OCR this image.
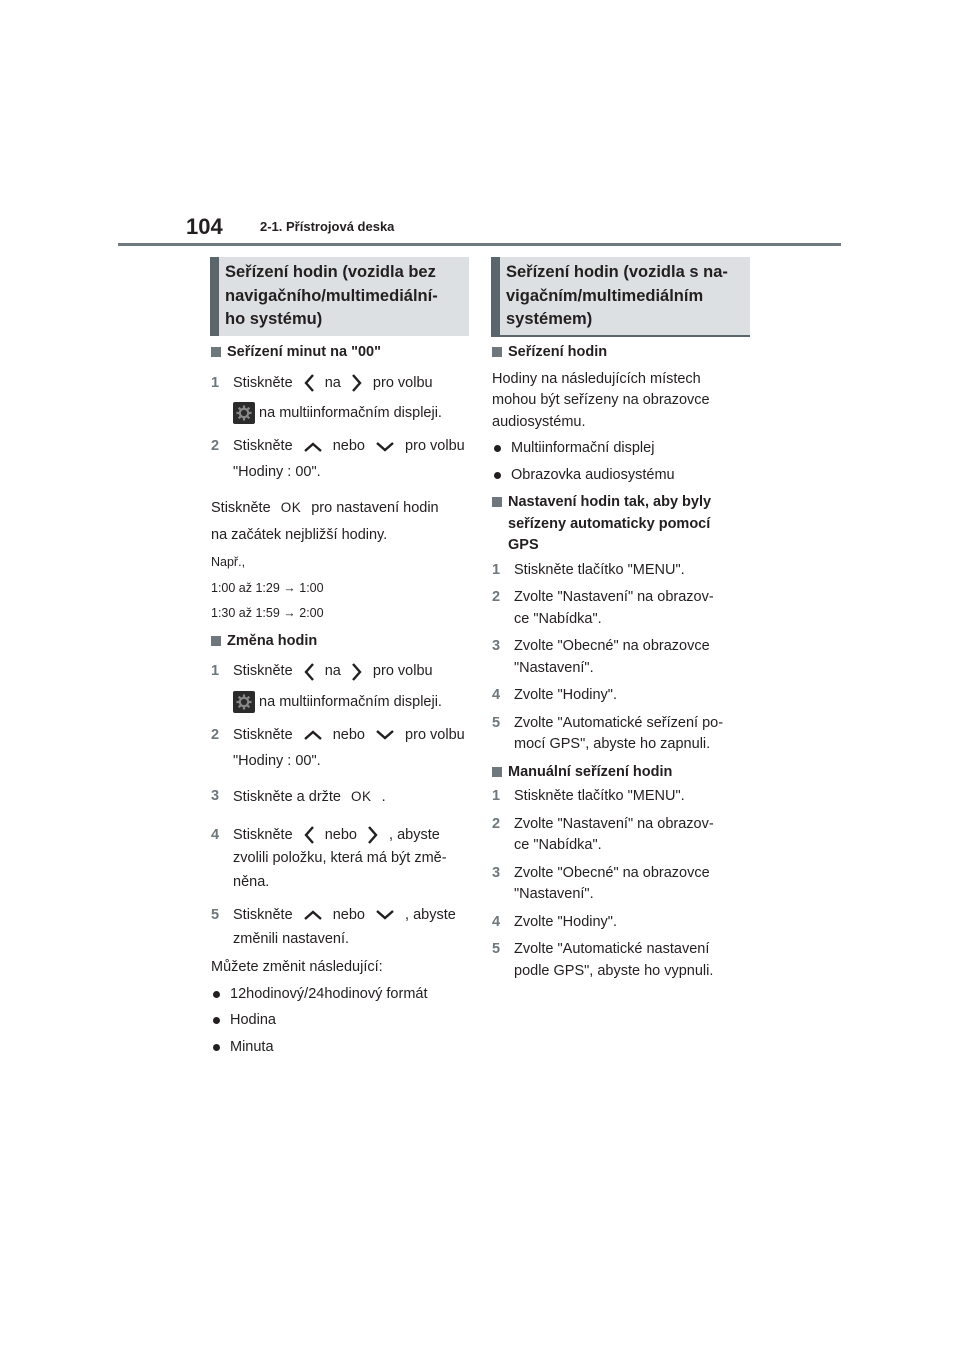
104	2-1. Přístrojová deska
Seřízení hodin (vozidla bez
navigačního/multimediální-
ho systému)
Seřízení minut na "00"
1 Stiskněte na pro volbu
na multiinformačním displeji.
2 Stiskněte	nebo	pro volbu
"Hodiny : 00".
Stiskněte OK pro nastavení hodin
na začátek nejbližší hodiny.
Např.,
1:00 až 1:29 → 1:00
1:30 až 1:59 → 2:00
Změna hodin
1 Stiskněte na pro volbu
na multiinformačním displeji.
2 Stiskněte	nebo	pro volbu
"Hodiny : 00".
3 Stiskněte a držte OK .
4 Stiskněte nebo , abyste
zvolili položku, která má být změ-
něna.
5 Stiskněte	nebo	, abyste
změnili nastavení.
Můžete změnit následující:
12hodinový/24hodinový formát
Hodina
Minuta
Seřízení hodin (vozidla s na-
vigačním/multimediálním
systémem)
Seřízení hodin
Hodiny na následujících místech
mohou být seřízeny na obrazovce
audiosystému.
Multiinformační displej
Obrazovka audiosystému
Nastavení hodin tak, aby byly
seřízeny automaticky pomocí
GPS
1 Stiskněte tlačítko "MENU".
2 Zvolte "Nastavení" na obrazov-
ce "Nabídka".
3 Zvolte "Obecné" na obrazovce
"Nastavení".
4 Zvolte "Hodiny".
5 Zvolte "Automatické seřízení po-
mocí GPS", abyste ho zapnuli.
Manuální seřízení hodin
1 Stiskněte tlačítko "MENU".
2 Zvolte "Nastavení" na obrazov-
ce "Nabídka".
3 Zvolte "Obecné" na obrazovce
"Nastavení".
4 Zvolte "Hodiny".
5 Zvolte "Automatické nastavení
podle GPS", abyste ho vypnuli.
